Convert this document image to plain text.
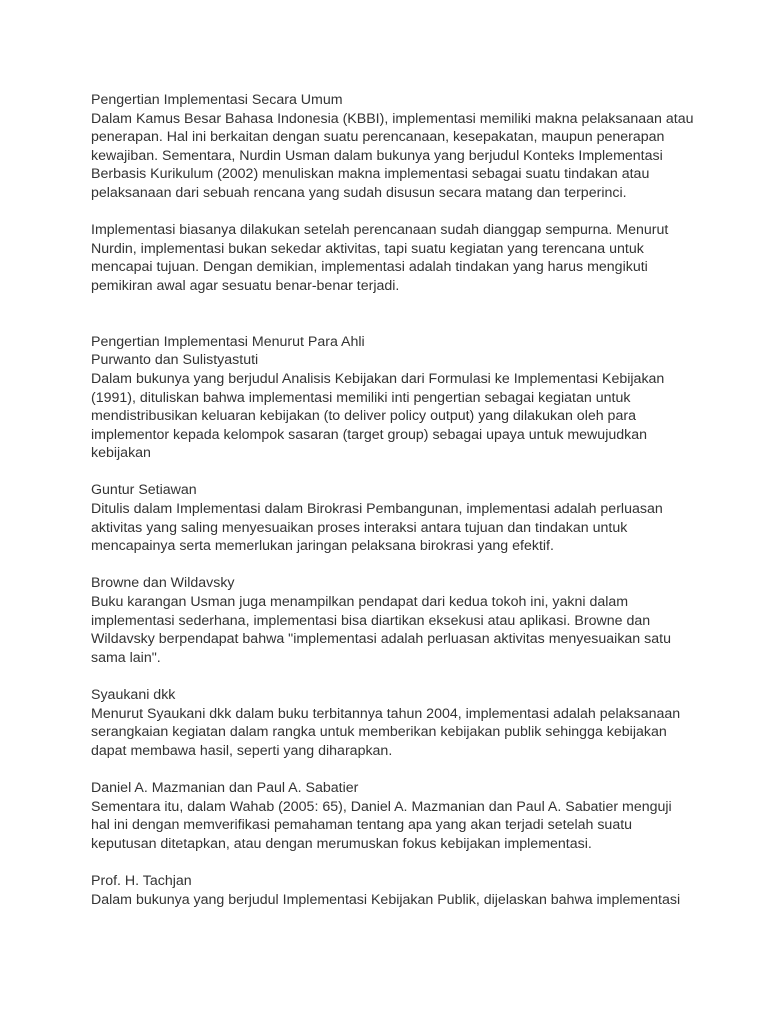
Pengertian Implementasi Secara Umum
Dalam Kamus Besar Bahasa Indonesia (KBBI), implementasi memiliki makna pelaksanaan atau
penerapan. Hal ini berkaitan dengan suatu perencanaan, kesepakatan, maupun penerapan
kewajiban. Sementara, Nurdin Usman dalam bukunya yang berjudul Konteks Implementasi
Berbasis Kurikulum (2002) menuliskan makna implementasi sebagai suatu tindakan atau
pelaksanaan dari sebuah rencana yang sudah disusun secara matang dan terperinci.
Implementasi biasanya dilakukan setelah perencanaan sudah dianggap sempurna. Menurut
Nurdin, implementasi bukan sekedar aktivitas, tapi suatu kegiatan yang terencana untuk
mencapai tujuan. Dengan demikian, implementasi adalah tindakan yang harus mengikuti
pemikiran awal agar sesuatu benar-benar terjadi.
Pengertian Implementasi Menurut Para Ahli
Purwanto dan Sulistyastuti
Dalam bukunya yang berjudul Analisis Kebijakan dari Formulasi ke Implementasi Kebijakan
(1991), dituliskan bahwa implementasi memiliki inti pengertian sebagai kegiatan untuk
mendistribusikan keluaran kebijakan (to deliver policy output) yang dilakukan oleh para
implementor kepada kelompok sasaran (target group) sebagai upaya untuk mewujudkan
kebijakan
Guntur Setiawan
Ditulis dalam Implementasi dalam Birokrasi Pembangunan, implementasi adalah perluasan
aktivitas yang saling menyesuaikan proses interaksi antara tujuan dan tindakan untuk
mencapainya serta memerlukan jaringan pelaksana birokrasi yang efektif.
Browne dan Wildavsky
Buku karangan Usman juga menampilkan pendapat dari kedua tokoh ini, yakni dalam
implementasi sederhana, implementasi bisa diartikan eksekusi atau aplikasi. Browne dan
Wildavsky berpendapat bahwa "implementasi adalah perluasan aktivitas menyesuaikan satu
sama lain".
Syaukani dkk
Menurut Syaukani dkk dalam buku terbitannya tahun 2004, implementasi adalah pelaksanaan
serangkaian kegiatan dalam rangka untuk memberikan kebijakan publik sehingga kebijakan
dapat membawa hasil, seperti yang diharapkan.
Daniel A. Mazmanian dan Paul A. Sabatier
Sementara itu, dalam Wahab (2005: 65), Daniel A. Mazmanian dan Paul A. Sabatier menguji
hal ini dengan memverifikasi pemahaman tentang apa yang akan terjadi setelah suatu
keputusan ditetapkan, atau dengan merumuskan fokus kebijakan implementasi.
Prof. H. Tachjan
Dalam bukunya yang berjudul Implementasi Kebijakan Publik, dijelaskan bahwa implementasi
